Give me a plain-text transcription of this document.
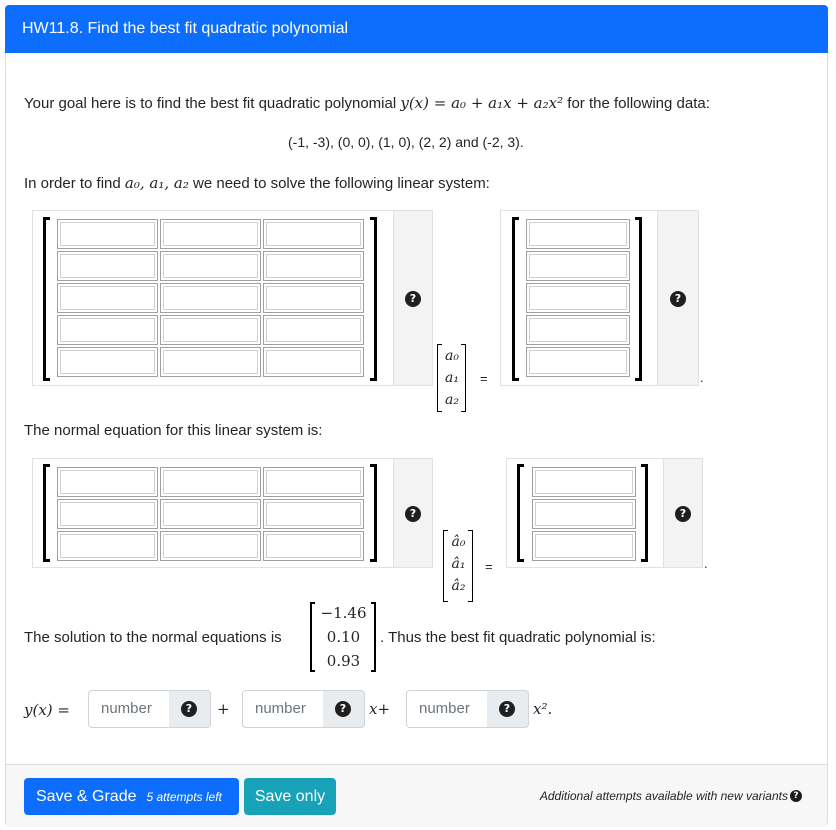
HW11.8. Find the best fit quadratic polynomial
Your goal here is to find the best fit quadratic polynomial y(x) = a₀ + a₁x + a₂x² for the following data:
(-1, -3), (0, 0), (1, 0), (2, 2) and (-2, 3).
In order to find a₀, a₁, a₂ we need to solve the following linear system:
?
a₀
a₁
a₂
=
?
.
The normal equation for this linear system is:
?
â₀
â₁
â₂
=
?
.
The solution to the normal equations is
−1.46
0.10
0.93
. Thus the best fit quadratic polynomial is:
y(x) =	number	?	+	number	?	x+	number	?	x².
Save & Grade 5 attempts left	Save only	Additional attempts available with new variants ?
